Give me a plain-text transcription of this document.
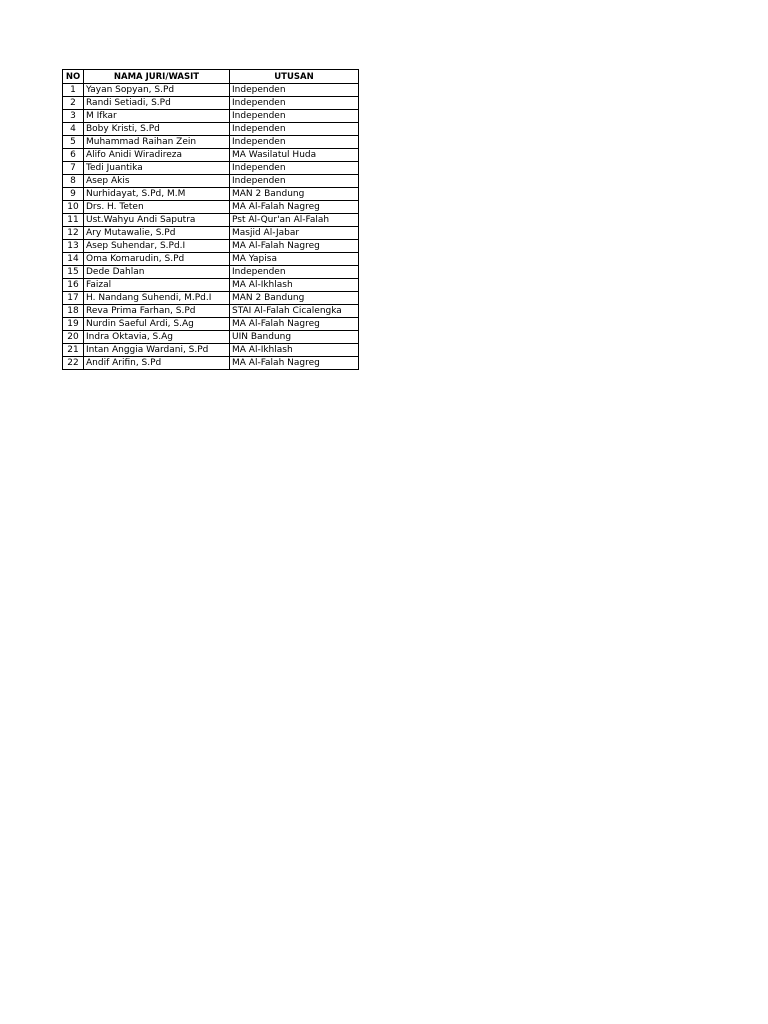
NO	NAMA JURI/WASIT	UTUSAN
1	Yayan Sopyan, S.Pd	Independen
2	Randi Setiadi, S.Pd	Independen
3	M Ifkar	Independen
4	Boby Kristi, S.Pd	Independen
5	Muhammad Raihan Zein	Independen
6	Alifo Anidi Wiradireza	MA Wasilatul Huda
7	Tedi Juantika	Independen
8	Asep Akis	Independen
9	Nurhidayat, S.Pd, M.M	MAN 2 Bandung
10	Drs. H. Teten	MA Al-Falah Nagreg
11	Ust.Wahyu Andi Saputra	Pst Al-Qur'an Al-Falah
12	Ary Mutawalie, S.Pd	Masjid Al-Jabar
13	Asep Suhendar, S.Pd.I	MA Al-Falah Nagreg
14	Oma Komarudin, S.Pd	MA Yapisa
15	Dede Dahlan	Independen
16	Faizal	MA Al-Ikhlash
17	H. Nandang Suhendi, M.Pd.I	MAN 2 Bandung
18	Reva Prima Farhan, S.Pd	STAI Al-Falah Cicalengka
19	Nurdin Saeful Ardi, S.Ag	MA Al-Falah Nagreg
20	Indra Oktavia, S.Ag	UIN Bandung
21	Intan Anggia Wardani, S.Pd	MA Al-Ikhlash
22	Andif Arifin, S.Pd	MA Al-Falah Nagreg
